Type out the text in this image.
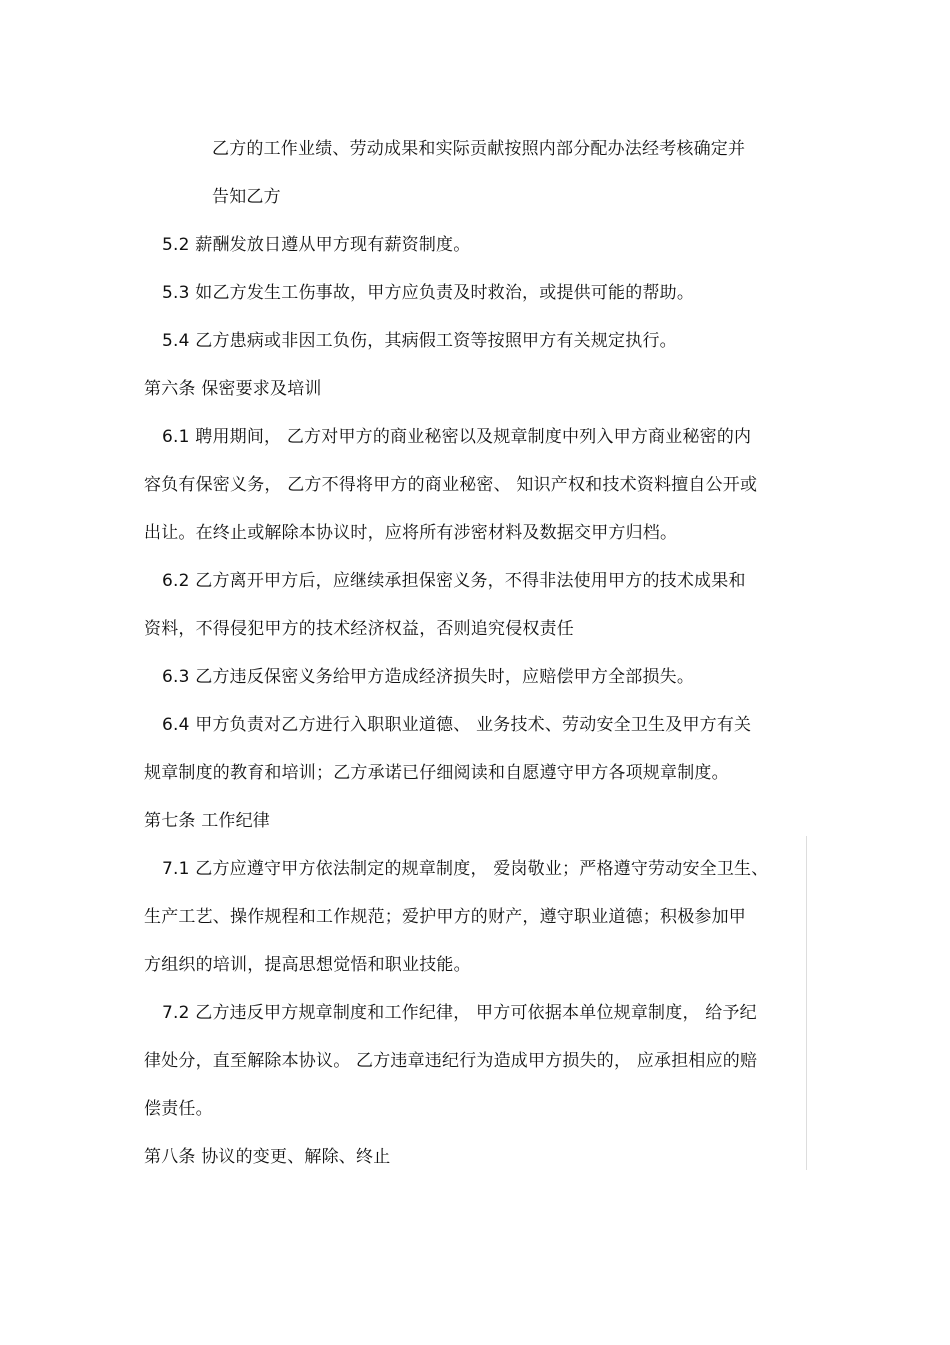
乙方的工作业绩、劳动成果和实际贡献按照内部分配办法经考核确定并
告知乙方
5.2 薪酬发放日遵从甲方现有薪资制度。
5.3 如乙方发生工伤事故，甲方应负责及时救治，或提供可能的帮助。
5.4 乙方患病或非因工负伤，其病假工资等按照甲方有关规定执行。
第六条 保密要求及培训
6.1 聘用期间， 乙方对甲方的商业秘密以及规章制度中列入甲方商业秘密的内
容负有保密义务， 乙方不得将甲方的商业秘密、 知识产权和技术资料擅自公开或
出让。在终止或解除本协议时，应将所有涉密材料及数据交甲方归档。
6.2 乙方离开甲方后，应继续承担保密义务，不得非法使用甲方的技术成果和
资料，不得侵犯甲方的技术经济权益，否则追究侵权责任
6.3 乙方违反保密义务给甲方造成经济损失时，应赔偿甲方全部损失。
6.4 甲方负责对乙方进行入职职业道德、 业务技术、劳动安全卫生及甲方有关
规章制度的教育和培训；乙方承诺已仔细阅读和自愿遵守甲方各项规章制度。
第七条 工作纪律
7.1 乙方应遵守甲方依法制定的规章制度， 爱岗敬业；严格遵守劳动安全卫生、
生产工艺、操作规程和工作规范；爱护甲方的财产，遵守职业道德；积极参加甲
方组织的培训，提高思想觉悟和职业技能。
7.2 乙方违反甲方规章制度和工作纪律， 甲方可依据本单位规章制度， 给予纪
律处分，直至解除本协议。 乙方违章违纪行为造成甲方损失的， 应承担相应的赔
偿责任。
第八条 协议的变更、解除、终止
